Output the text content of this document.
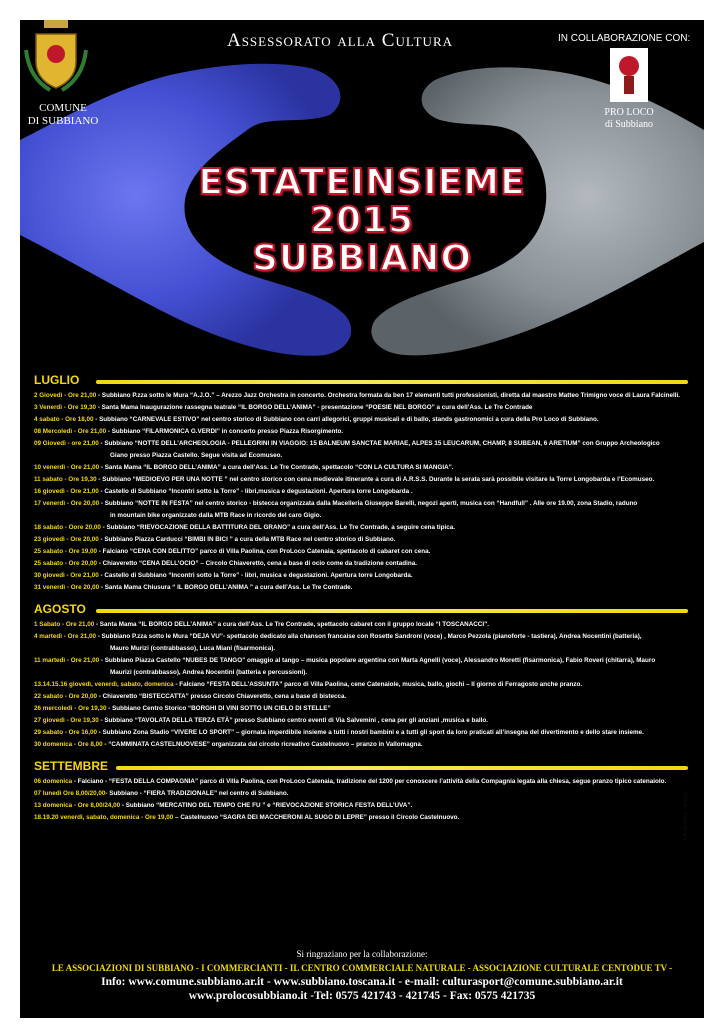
Assessorato alla Cultura	IN COLLABORAZIONE CON:
COMUNE
DI SUBBIANO
PRO LOCO
di Subbiano
ESTATEINSIEME
2015
SUBBIANO
LUGLIO
2 Giovedì - Ore 21,00 - Subbiano P.zza sotto le Mura “A.J.O.” – Arezzo Jazz Orchestra in concerto. Orchestra formata da ben 17 elementi tutti professionisti, diretta dal maestro Matteo Trimigno voce di Laura Falcinelli.
3 Venerdì - Ore 19,30 - Santa Mama Inaugurazione rassegna teatrale “IL BORGO DELL’ANIMA” - presentazione “POESIE NEL BORGO” a cura dell’Ass. Le Tre Contrade
4 sabato - Ore 18,00 - Subbiano “CARNEVALE ESTIVO” nel centro storico di Subbiano con carri allegorici, gruppi musicali e di ballo, stands gastronomici a cura della Pro Loco di Subbiano.
08 Mercoledì - Ore 21,00 - Subbiano “FILARMONICA G.VERDI” in concerto presso Piazza Risorgimento.
09 Giovedì - ore 21,00 - Subbiano “NOTTE DELL’ARCHEOLOGIA - PELLEGRINI IN VIAGGIO: 15 BALNEUM SANCTAE MARIAE, ALPES 15 LEUCARUM, CHAMP, 8 SUBEAN, 6 ARETIUM” con Gruppo Archeologico
Giano presso Piazza Castello. Segue visita ad Ecomuseo.
10 venerdì - Ore 21,00 - Santa Mama “IL BORGO DELL’ANIMA” a cura dell’Ass. Le Tre Contrade, spettacolo “CON LA CULTURA SI MANGIA”.
11 sabato - Ore 19,30 - Subbiano “MEDIOEVO PER UNA NOTTE ” nel centro storico con cena medievale itinerante a cura di A.R.S.S. Durante la serata sarà possibile visitare la Torre Longobarda e l’Ecomuseo.
16 giovedì - Ore 21,00 - Castello di Subbiano “Incontri sotto la Torre” - libri,musica e degustazioni. Apertura torre Longobarda .
17 venerdì - Ore 20,00 - Subbiano “NOTTE IN FESTA” nel centro storico - bistecca organizzata dalla Macelleria Giuseppe Barelli, negozi aperti, musica con “Handfull” . Alle ore 19.00, zona Stadio, raduno
in mountain bike organizzato dalla MTB Race in ricordo del caro Gigio.
18 sabato - Oore 20,00 - Subbiano “RIEVOCAZIONE DELLA BATTITURA DEL GRANO” a cura dell’Ass. Le Tre Contrade, a seguire cena tipica.
23 giovedì - Ore 20,00 - Subbiano Piazza Carducci “BIMBI IN BICI ” a cura della MTB Race nel centro storico di Subbiano.
25 sabato - Ore 19,00 - Falciano “CENA CON DELITTO” parco di Villa Paolina, con ProLoco Catenaia, spettacolo di cabaret con cena.
25 sabato - Ore 20,00 - Chiaveretto “CENA DELL’OCIO” – Circolo Chiaveretto, cena a base di ocio come da tradizione contadina.
30 giovedì - Ore 21,00 - Castello di Subbiano “Incontri sotto la Torre” - libri, musica e degustazioni. Apertura torre Longobarda.
31 venerdì - Ore 20,00 - Santa Mama Chiusura “ IL BORGO DELL’ANIMA ” a cura dell’Ass. Le Tre Contrade.
AGOSTO
1 Sabato - Ore 21,00 - Santa Mama “IL BORGO DELL’ANIMA” a cura dell’Ass. Le Tre Contrade, spettacolo cabaret con il gruppo locale “I TOSCANACCI”.
4 martedì - Ore 21,00 - Subbiano P.zza sotto le Mura “DEJA VU”- spettacolo dedicato alla chanson francaise con Rosette Sandroni (voce) , Marco Pezzola (pianoforte - tastiera), Andrea Nocentini (batteria),
Mauro Murizi (contrabbasso), Luca Miani (fisarmonica).
11 martedì - Ore 21,00 - Subbiano Piazza Castello “NUBES DE TANGO” omaggio al tango – musica popolare argentina con Marta Agnelli (voce), Alessandro Moretti (fisarmonica), Fabio Roveri (chitarra), Mauro
Maurizi (contrabbasso), Andrea Nocentini (batteria e percussioni).
13.14.15.16 giovedì, venerdì, sabato, domenica - Falciano “FESTA DELL’ASSUNTA” parco di Villa Paolina, cene Catenaiole, musica, ballo, giochi – Il giorno di Ferragosto anche pranzo.
22 sabato - Ore 20,00 - Chiaveretto “BISTECCATTA” presso Circolo Chiaveretto, cena a base di bistecca.
26 mercoledì - Ore 19,30 - Subbiano Centro Storico “BORGHI DI VINI SOTTO UN CIELO DI STELLE”
27 giovedì - Ore 19,30 - Subbiano “TAVOLATA DELLA TERZA ETÀ” presso Subbiano centro eventi di Via Salvemini , cena per gli anziani ,musica e ballo.
29 sabato - Ore 16,00 - Subbiano Zona Stadio “VIVERE LO SPORT” – giornata imperdibile insieme a tutti i nostri bambini e a tutti gli sport da loro praticati all’insegna del divertimento e dello stare insieme.
30 domenica - Ore 8,00 - “CAMMINATA CASTELNUOVESE” organizzata dal circolo ricreativo Castelnuovo – pranzo in Vallomagna.
SETTEMBRE
06 domenica - Falciano - “FESTA DELLA COMPAGNIA” parco di Villa Paolina, con ProLoco Catenaia, tradizione del 1200 per conoscere l’attività della Compagnia legata alla chiesa, segue pranzo tipico catenaiolo.
07 lunedì Ore 8,00/20,00- Subbiano - “FIERA TRADIZIONALE” nel centro di Subbiano.
13 domenica - Ore 8,00/24,00 - Subbiano “MERCATINO DEL TEMPO CHE FU ” e “RIEVOCAZIONE STORICA FESTA DELL’UVA”.
18.19.20 venerdì, sabato, domenica - Ore 19,00 – Castelnuovo “SAGRA DEI MACCHERONI AL SUGO DI LEPRE” presso il Circolo Castelnuovo.
Si ringraziano per la collaborazione:
LE ASSOCIAZIONI DI SUBBIANO - I COMMERCIANTI - IL CENTRO COMMERCIALE NATURALE - ASSOCIAZIONE CULTURALE CENTODUE TV -
Info: www.comune.subbiano.ar.it - www.subbiano.toscana.it - e-mail: culturasport@comune.subbiano.ar.it
www.prolocosubbiano.it -Tel: 0575 421743 - 421745 - Fax: 0575 421735
L.P. Grafiche - Arezzo
